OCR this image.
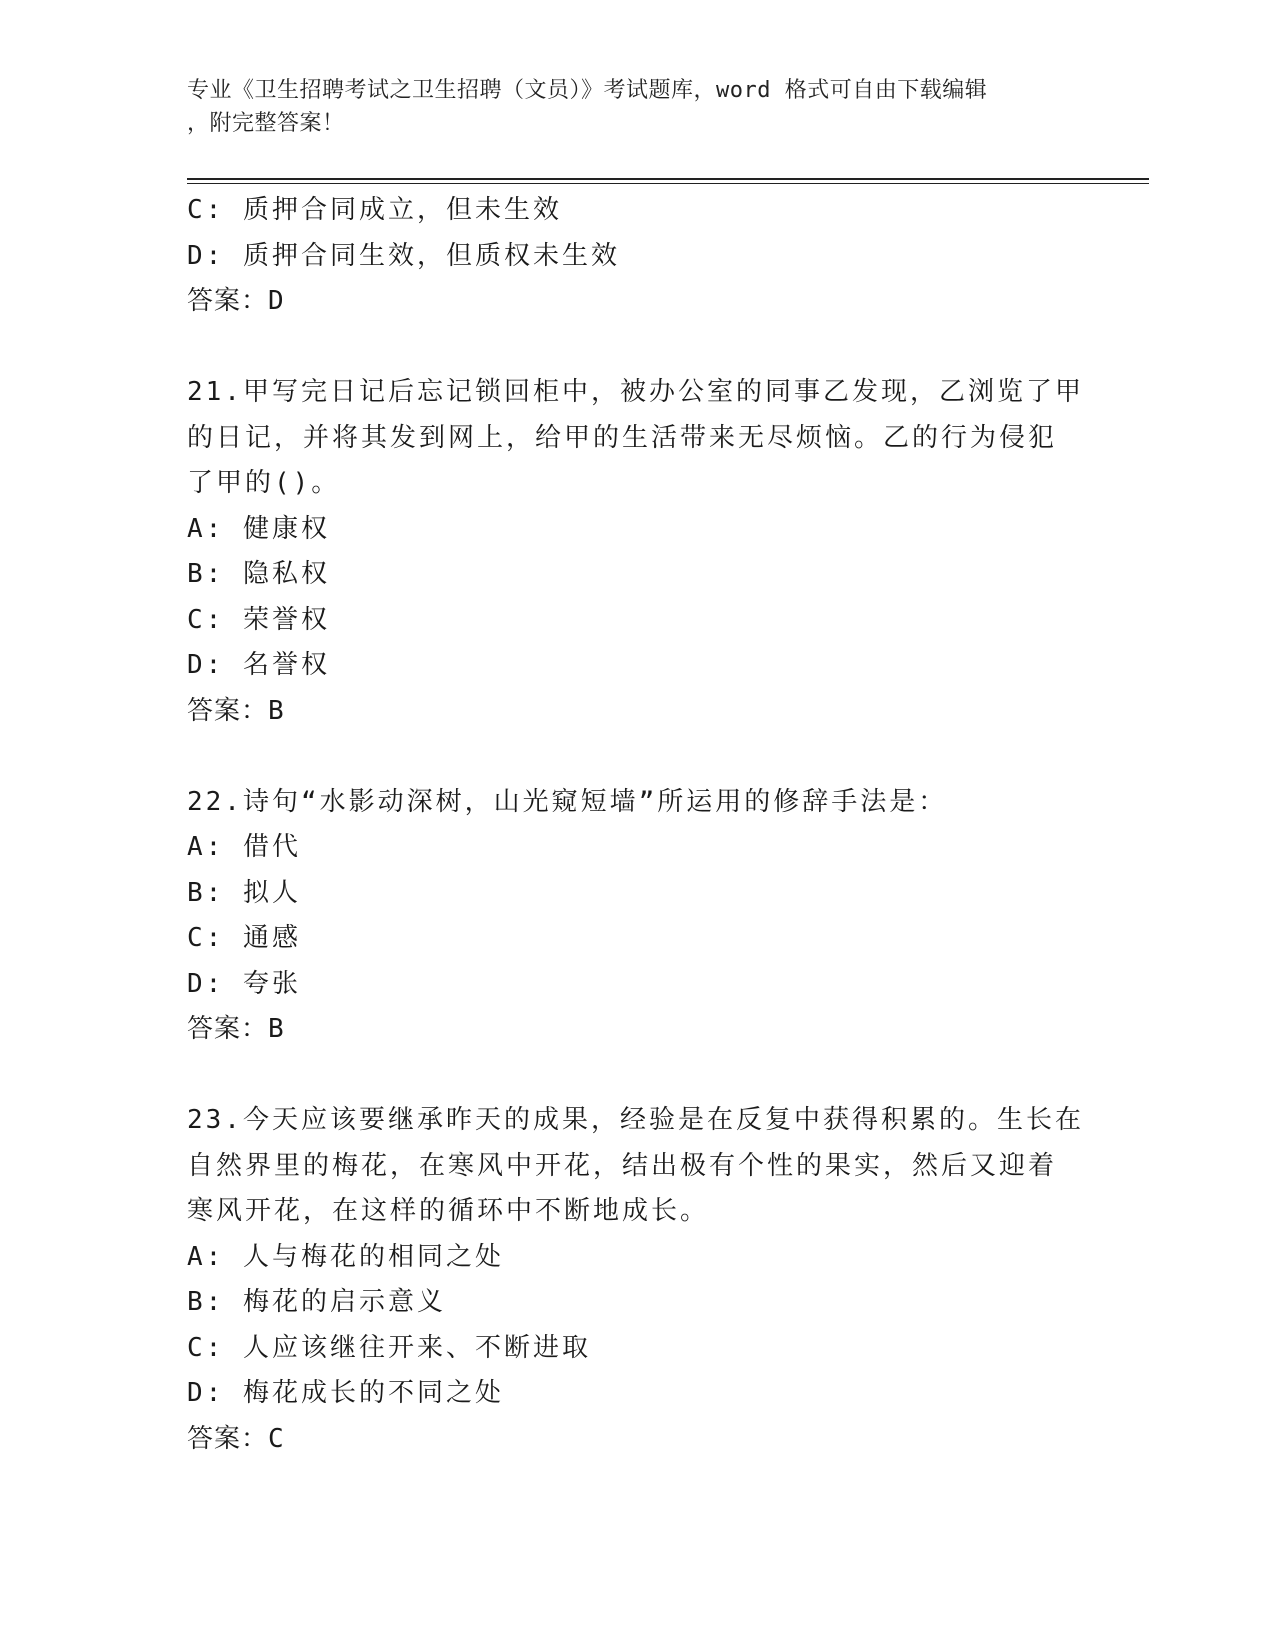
专业《卫生招聘考试之卫生招聘（文员）》考试题库，word 格式可自由下载编辑
，附完整答案！

C: 质押合同成立，但未生效

D: 质押合同生效，但质权未生效

答案：D

21.甲写完日记后忘记锁回柜中，被办公室的同事乙发现，乙浏览了甲

的日记，并将其发到网上，给甲的生活带来无尽烦恼。乙的行为侵犯

了甲的()。

A: 健康权

B: 隐私权

C: 荣誉权

D: 名誉权

答案：B

22.诗句“水影动深树，山光窥短墙”所运用的修辞手法是：

A: 借代

B: 拟人

C: 通感

D: 夸张

答案：B

23.今天应该要继承昨天的成果，经验是在反复中获得积累的。生长在

自然界里的梅花，在寒风中开花，结出极有个性的果实，然后又迎着

寒风开花，在这样的循环中不断地成长。

A: 人与梅花的相同之处

B: 梅花的启示意义

C: 人应该继往开来、不断进取

D: 梅花成长的不同之处

答案：C
